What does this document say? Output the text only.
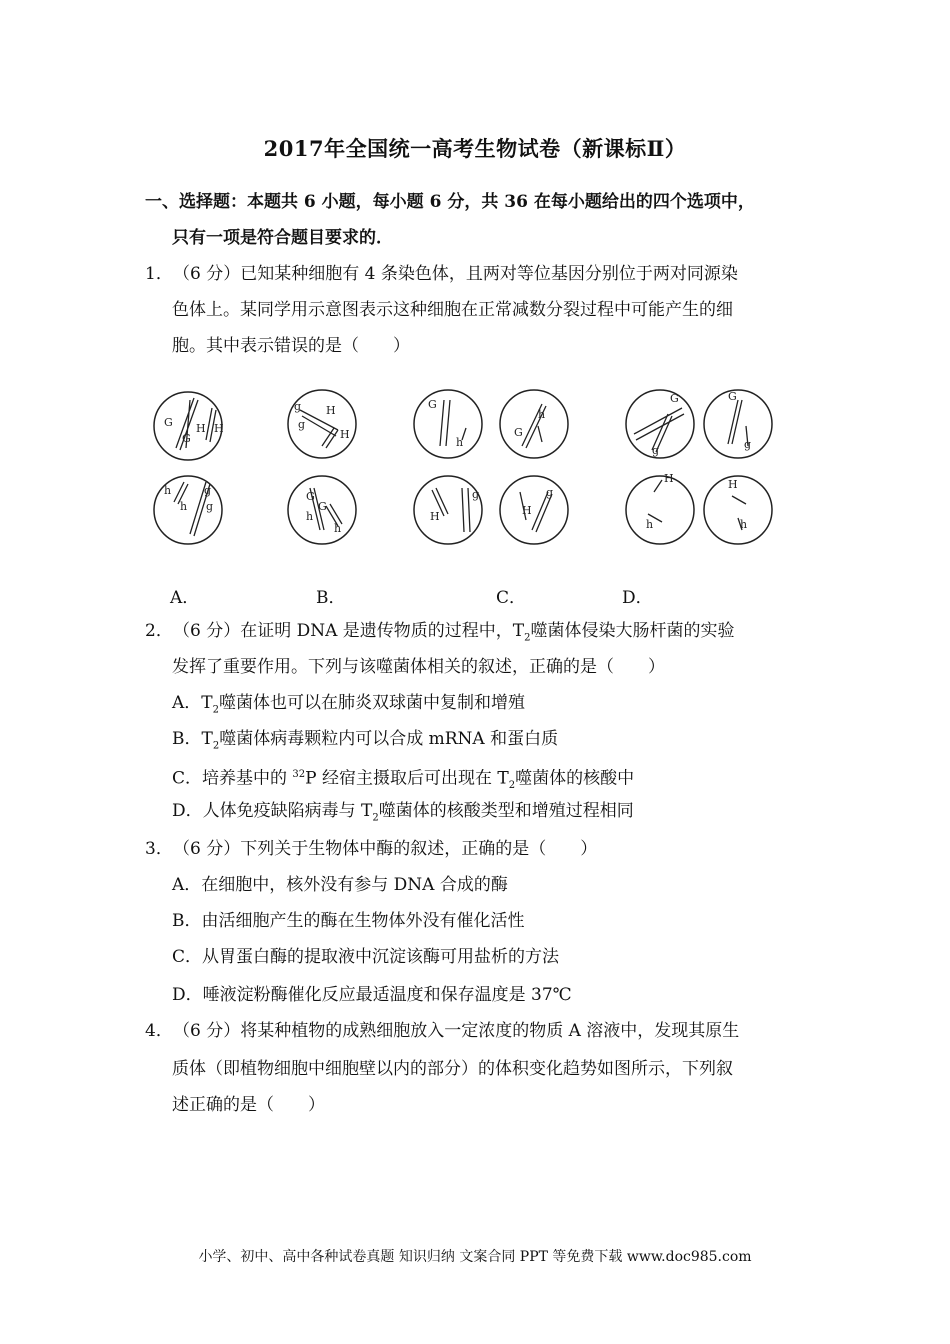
2017年全国统一高考生物试卷（新课标Ⅱ）
一、选择题：本题共 6 小题，每小题 6 分，共 36 在每小题给出的四个选项中，
只有一项是符合题目要求的．
1．（6 分）已知某种细胞有 4 条染色体，且两对等位基因分别位于两对同源染
色体上。某同学用示意图表示这种细胞在正常减数分裂过程中可能产生的细
胞。其中表示错误的是（　　）
G
G
H H
h	g
h g
g
g
H
H
G
G
h
h
G
h
G
h
H
g
H
g
G
g	g
G
H
h
H
h
A．	B．	C．	D．
2．（6 分）在证明 DNA 是遗传物质的过程中，$T_2$噬菌体侵染大肠杆菌的实验
发挥了重要作用。下列与该噬菌体相关的叙述，正确的是（　　）
A．$T_2$噬菌体也可以在肺炎双球菌中复制和增殖
B．$T_2$噬菌体病毒颗粒内可以合成 mRNA 和蛋白质
C．培养基中的 $^{32}$P 经宿主摄取后可出现在 $T_2$噬菌体的核酸中
D．人体免疫缺陷病毒与 $T_2$噬菌体的核酸类型和增殖过程相同
3．（6 分）下列关于生物体中酶的叙述，正确的是（　　）
A．在细胞中，核外没有参与 DNA 合成的酶
B．由活细胞产生的酶在生物体外没有催化活性
C．从胃蛋白酶的提取液中沉淀该酶可用盐析的方法
D．唾液淀粉酶催化反应最适温度和保存温度是 37℃
4．（6 分）将某种植物的成熟细胞放入一定浓度的物质 A 溶液中，发现其原生
质体（即植物细胞中细胞壁以内的部分）的体积变化趋势如图所示，下列叙
述正确的是（　　）
小学、初中、高中各种试卷真题 知识归纳 文案合同 PPT 等免费下载 www.doc985.com
